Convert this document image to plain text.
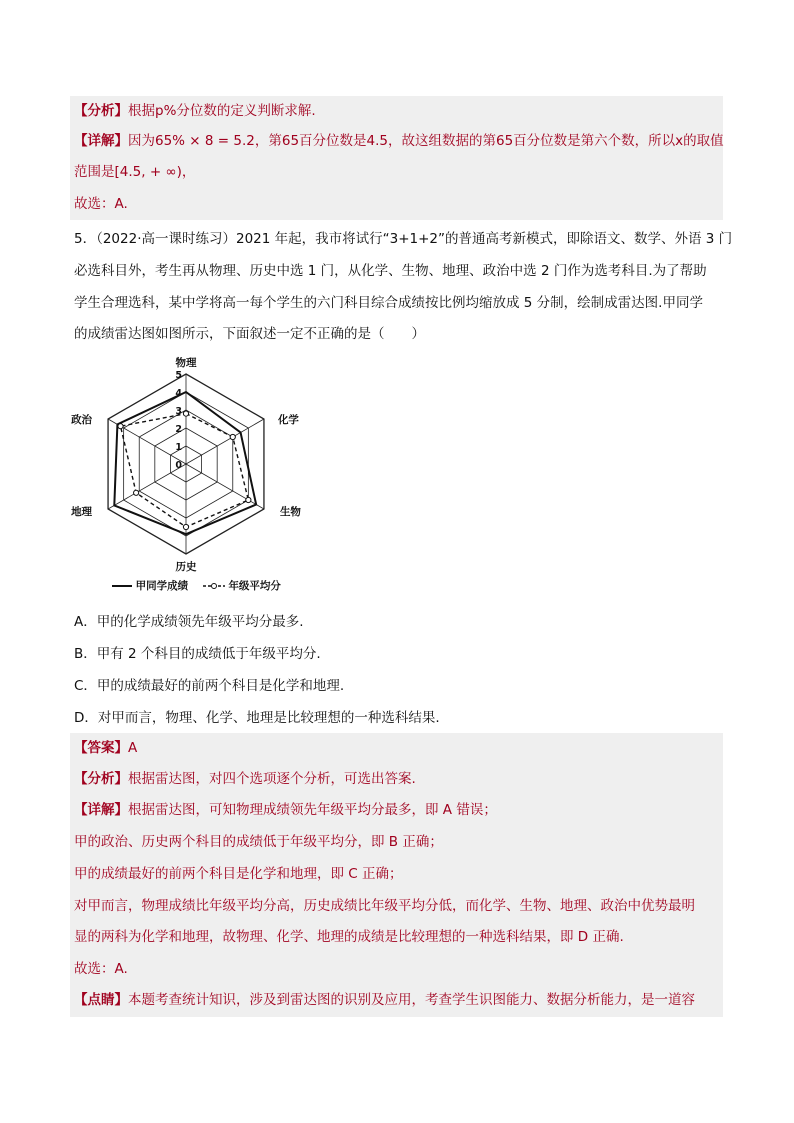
【分析】根据p%分位数的定义判断求解.
【详解】因为65% × 8 = 5.2，第65百分位数是4.5，故这组数据的第65百分位数是第六个数，所以x的取值
范围是[4.5, + ∞)，
故选：A.
5．（2022·高一课时练习）2021 年起，我市将试行“3+1+2”的普通高考新模式，即除语文、数学、外语 3 门
必选科目外，考生再从物理、历史中选 1 门，从化学、生物、地理、政治中选 2 门作为选考科目.为了帮助
学生合理选科，某中学将高一每个学生的六门科目综合成绩按比例均缩放成 5 分制，绘制成雷达图.甲同学
的成绩雷达图如图所示，下面叙述一定不正确的是（　　）
物理
化学
生物
历史
地理
政治
0
1
2
3
4
5
甲同学成绩	年级平均分
A．甲的化学成绩领先年级平均分最多.
B．甲有 2 个科目的成绩低于年级平均分.
C．甲的成绩最好的前两个科目是化学和地理.
D．对甲而言，物理、化学、地理是比较理想的一种选科结果.
【答案】A
【分析】根据雷达图，对四个选项逐个分析，可选出答案.
【详解】根据雷达图，可知物理成绩领先年级平均分最多，即 A 错误；
甲的政治、历史两个科目的成绩低于年级平均分，即 B 正确；
甲的成绩最好的前两个科目是化学和地理，即 C 正确；
对甲而言，物理成绩比年级平均分高，历史成绩比年级平均分低，而化学、生物、地理、政治中优势最明
显的两科为化学和地理，故物理、化学、地理的成绩是比较理想的一种选科结果，即 D 正确.
故选：A.
【点睛】本题考查统计知识，涉及到雷达图的识别及应用，考查学生识图能力、数据分析能力，是一道容
